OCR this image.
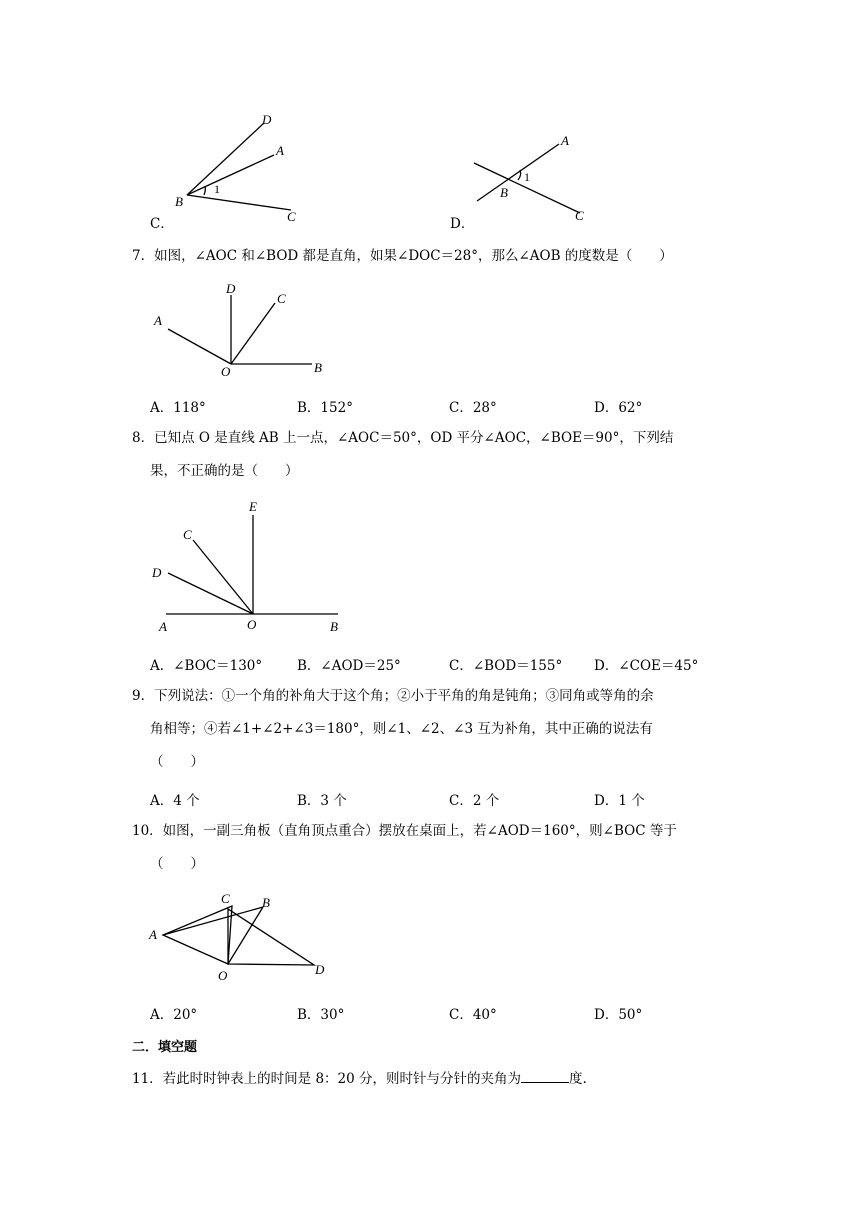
D
A
B
C
1
C．
A
B
C
1
D．
7．如图，∠AOC 和∠BOD 都是直角，如果∠DOC＝28°，那么∠AOB 的度数是（　　）
A
D
C
O	B
A．118°	B．152°	C．28°	D．62°
8．已知点 O 是直线 AB 上一点，∠AOC＝50°，OD 平分∠AOC，∠BOE＝90°，下列结
果，不正确的是（　　）
E
C
D
A	O	B
A．∠BOC＝130°	B．∠AOD＝25°	C．∠BOD＝155° D．∠COE＝45°
9．下列说法：①一个角的补角大于这个角；②小于平角的角是钝角；③同角或等角的余
角相等；④若∠1+∠2+∠3＝180°，则∠1、∠2、∠3 互为补角，其中正确的说法有
（　　）
A．4 个	B．3 个	C．2 个	D．1 个
10．如图，一副三角板（直角顶点重合）摆放在桌面上，若∠AOD＝160°，则∠BOC 等于
（　　）
C B
A
O	D
A．20°	B．30°	C．40°	D．50°
二．填空题
11．若此时时钟表上的时间是 8：20 分，则时针与分针的夹角为	度.
